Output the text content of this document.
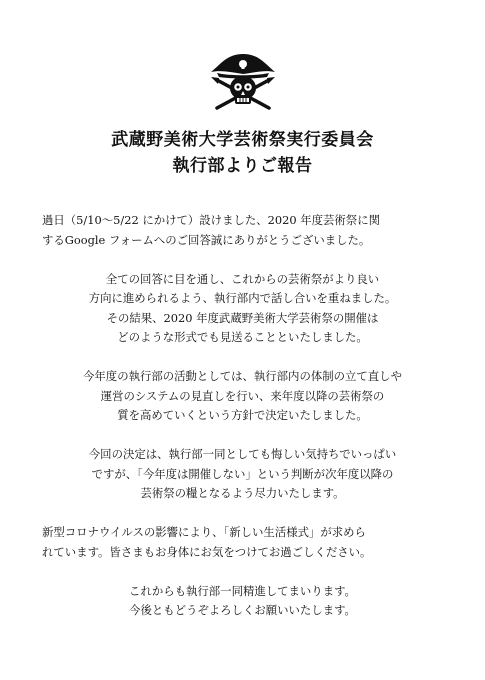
武蔵野美術大学芸術祭実行委員会
執行部よりご報告

過日（5/10〜5/22 にかけて）設けました、2020 年度芸術祭に関
するGoogle フォームへのご回答誠にありがとうございました。

全ての回答に目を通し、これからの芸術祭がより良い
方向に進められるよう、執行部内で話し合いを重ねました。
その結果、2020 年度武蔵野美術大学芸術祭の開催は
どのような形式でも見送ることといたしました。

今年度の執行部の活動としては、執行部内の体制の立て直しや
運営のシステムの見直しを行い、来年度以降の芸術祭の
質を高めていくという方針で決定いたしました。

今回の決定は、執行部一同としても悔しい気持ちでいっぱい
ですが、「今年度は開催しない」という判断が次年度以降の
芸術祭の糧となるよう尽力いたします。

新型コロナウイルスの影響により、「新しい生活様式」が求めら
れています。皆さまもお身体にお気をつけてお過ごしください。

これからも執行部一同精進してまいります。
今後ともどうぞよろしくお願いいたします。
